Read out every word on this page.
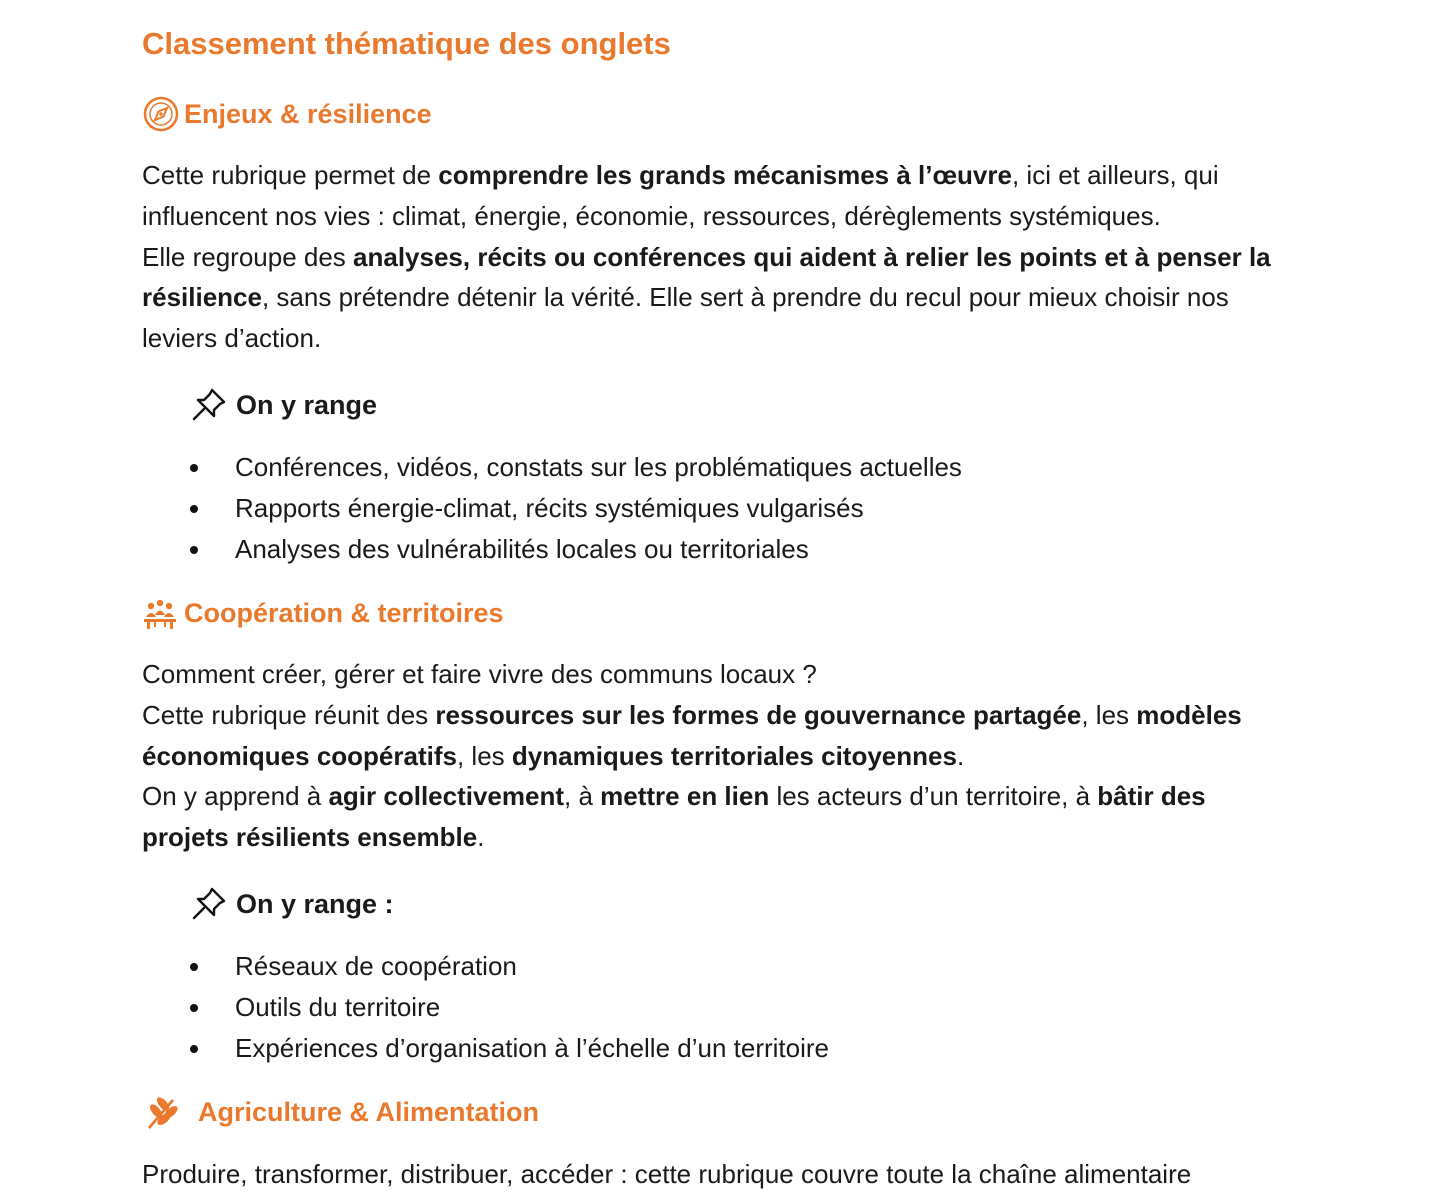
Classement thématique des onglets
Enjeux & résilience

Cette rubrique permet de comprendre les grands mécanismes à l’œuvre, ici et ailleurs, qui
influencent nos vies : climat, énergie, économie, ressources, dérèglements systémiques.
Elle regroupe des analyses, récits ou conférences qui aident à relier les points et à penser la
résilience, sans prétendre détenir la vérité. Elle sert à prendre du recul pour mieux choisir nos
leviers d’action.

On y range
Conférences, vidéos, constats sur les problématiques actuelles
Rapports énergie-climat, récits systémiques vulgarisés
Analyses des vulnérabilités locales ou territoriales
Coopération & territoires

Comment créer, gérer et faire vivre des communs locaux ?
Cette rubrique réunit des ressources sur les formes de gouvernance partagée, les modèles
économiques coopératifs, les dynamiques territoriales citoyennes.
On y apprend à agir collectivement, à mettre en lien les acteurs d’un territoire, à bâtir des
projets résilients ensemble.

On y range :
Réseaux de coopération
Outils du territoire
Expériences d’organisation à l’échelle d’un territoire
Agriculture & Alimentation

Produire, transformer, distribuer, accéder : cette rubrique couvre toute la chaîne alimentaire
